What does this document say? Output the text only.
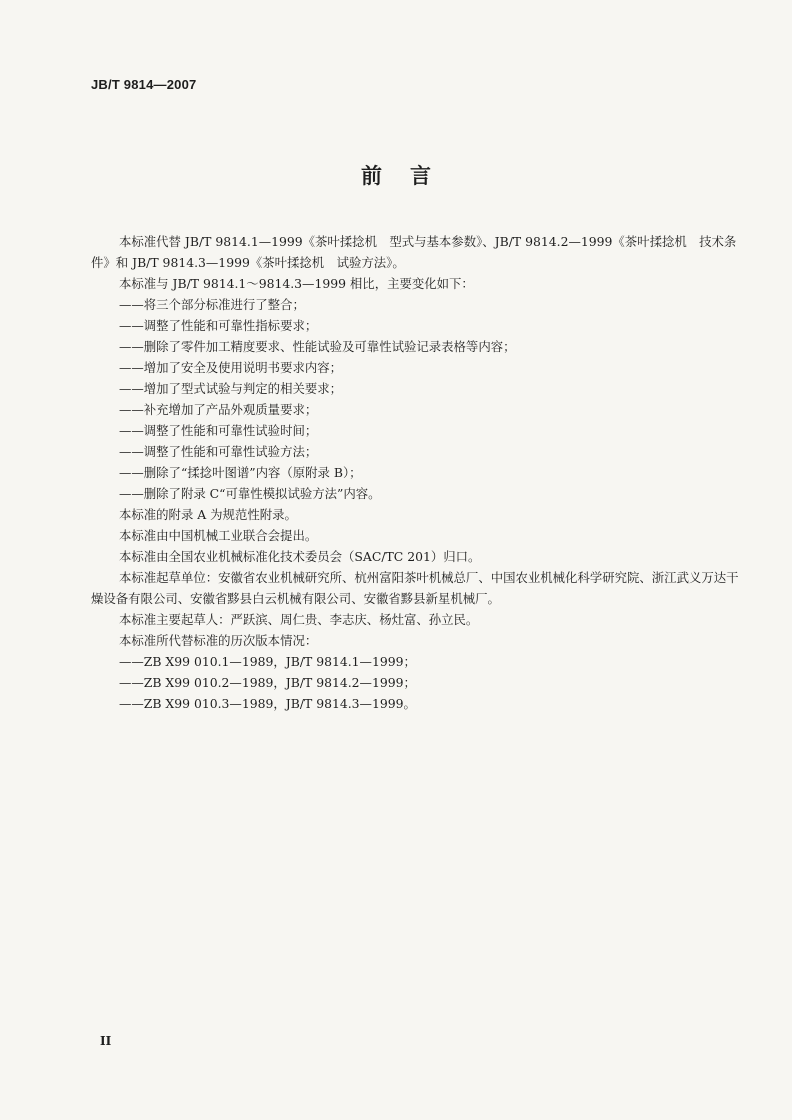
JB/T 9814—2007
前言

本标准代替 JB/T 9814.1—1999《茶叶揉捻机　型式与基本参数》、JB/T 9814.2—1999《茶叶揉捻机　技术条件》和 JB/T 9814.3—1999《茶叶揉捻机　试验方法》。

本标准与 JB/T 9814.1～9814.3—1999 相比，主要变化如下：

——将三个部分标准进行了整合；

——调整了性能和可靠性指标要求；

——删除了零件加工精度要求、性能试验及可靠性试验记录表格等内容；

——增加了安全及使用说明书要求内容；

——增加了型式试验与判定的相关要求；

——补充增加了产品外观质量要求；

——调整了性能和可靠性试验时间；

——调整了性能和可靠性试验方法；

——删除了“揉捻叶图谱”内容（原附录 B）；

——删除了附录 C“可靠性模拟试验方法”内容。

本标准的附录 A 为规范性附录。

本标准由中国机械工业联合会提出。

本标准由全国农业机械标准化技术委员会（SAC/TC 201）归口。

本标准起草单位：安徽省农业机械研究所、杭州富阳茶叶机械总厂、中国农业机械化科学研究院、浙江武义万达干燥设备有限公司、安徽省黟县白云机械有限公司、安徽省黟县新星机械厂。

本标准主要起草人：严跃滨、周仁贵、李志庆、杨灶富、孙立民。

本标准所代替标准的历次版本情况：

——ZB X99 010.1—1989，JB/T 9814.1—1999；

——ZB X99 010.2—1989，JB/T 9814.2—1999；

——ZB X99 010.3—1989，JB/T 9814.3—1999。

II
